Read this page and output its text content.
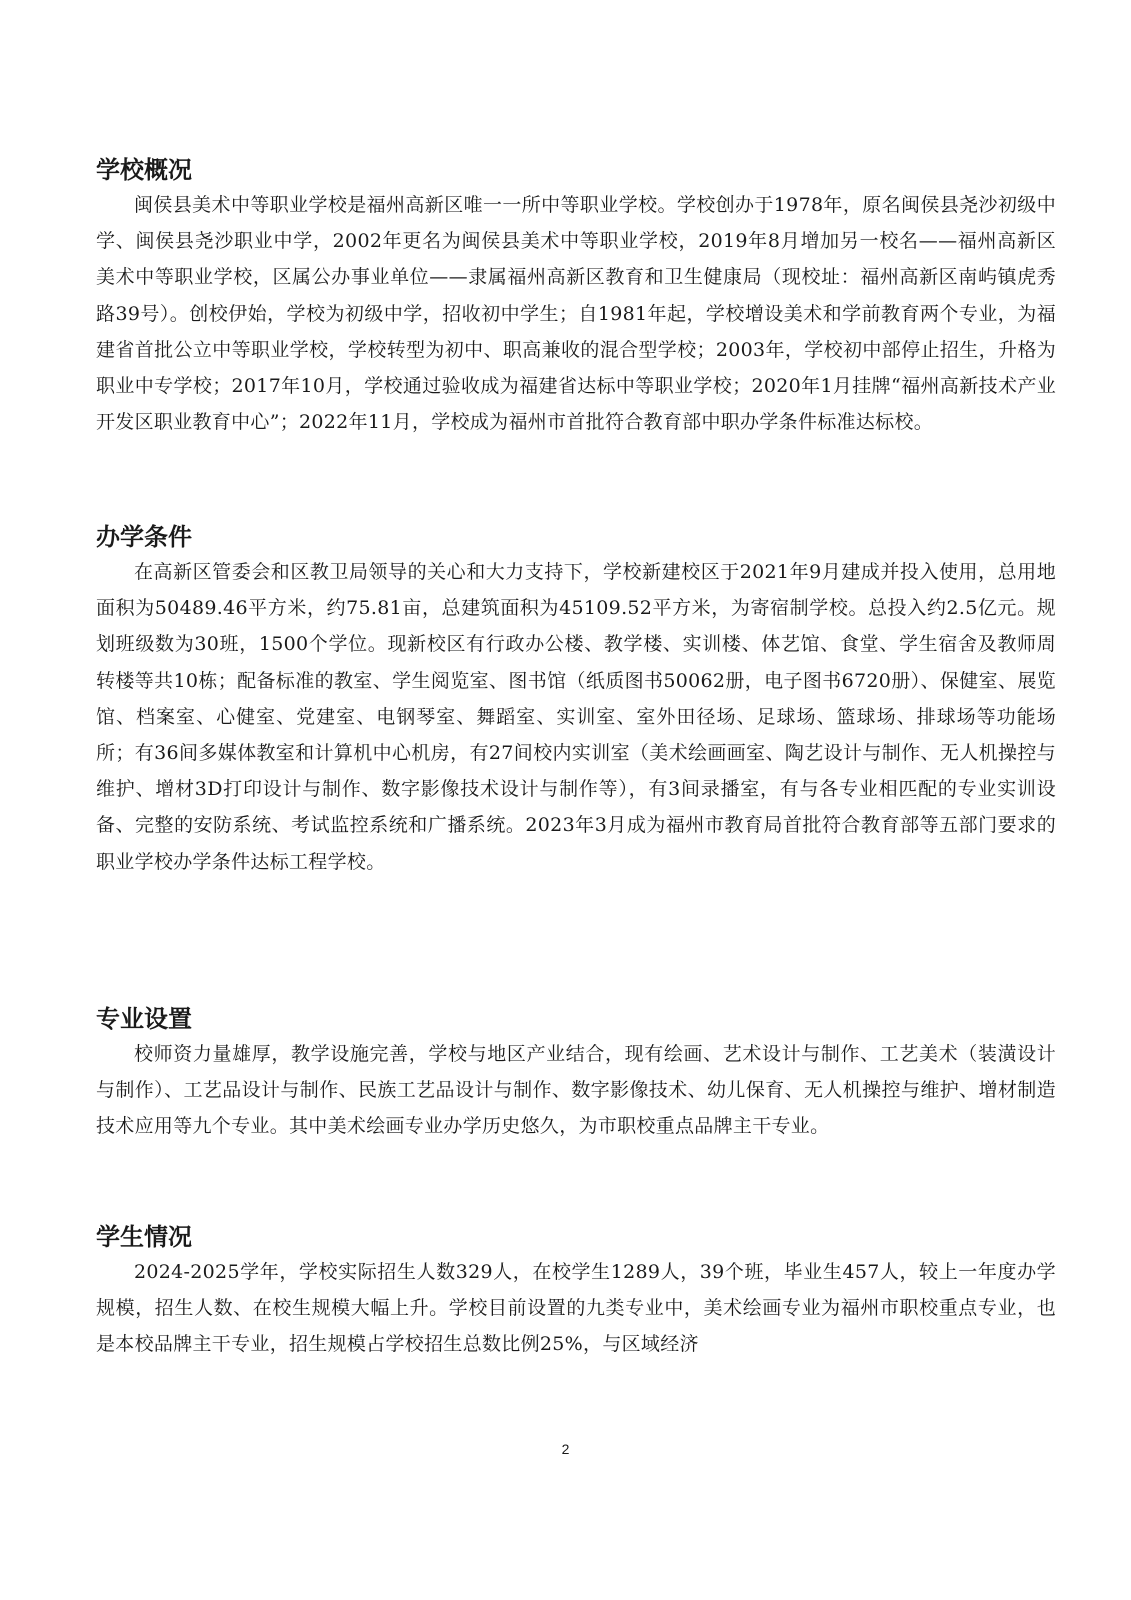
学校概况

闽侯县美术中等职业学校是福州高新区唯一一所中等职业学校。学校创办于1978年，原名闽侯县尧沙初级中学、闽侯县尧沙职业中学，2002年更名为闽侯县美术中等职业学校，2019年8月增加另一校名——福州高新区美术中等职业学校，区属公办事业单位——隶属福州高新区教育和卫生健康局（现校址：福州高新区南屿镇虎秀路39号）。创校伊始，学校为初级中学，招收初中学生；自1981年起，学校增设美术和学前教育两个专业，为福建省首批公立中等职业学校，学校转型为初中、职高兼收的混合型学校；2003年，学校初中部停止招生，升格为职业中专学校；2017年10月，学校通过验收成为福建省达标中等职业学校；2020年1月挂牌“福州高新技术产业开发区职业教育中心”；2022年11月，学校成为福州市首批符合教育部中职办学条件标准达标校。

办学条件

在高新区管委会和区教卫局领导的关心和大力支持下，学校新建校区于2021年9月建成并投入使用，总用地面积为50489.46平方米，约75.81亩，总建筑面积为45109.52平方米，为寄宿制学校。总投入约2.5亿元。规划班级数为30班，1500个学位。现新校区有行政办公楼、教学楼、实训楼、体艺馆、食堂、学生宿舍及教师周转楼等共10栋；配备标准的教室、学生阅览室、图书馆（纸质图书50062册，电子图书6720册）、保健室、展览馆、档案室、心健室、党建室、电钢琴室、舞蹈室、实训室、室外田径场、足球场、篮球场、排球场等功能场所；有36间多媒体教室和计算机中心机房，有27间校内实训室（美术绘画画室、陶艺设计与制作、无人机操控与维护、增材3D打印设计与制作、数字影像技术设计与制作等），有3间录播室，有与各专业相匹配的专业实训设备、完整的安防系统、考试监控系统和广播系统。2023年3月成为福州市教育局首批符合教育部等五部门要求的职业学校办学条件达标工程学校。

专业设置

校师资力量雄厚，教学设施完善，学校与地区产业结合，现有绘画、艺术设计与制作、工艺美术（装潢设计与制作）、工艺品设计与制作、民族工艺品设计与制作、数字影像技术、幼儿保育、无人机操控与维护、增材制造技术应用等九个专业。其中美术绘画专业办学历史悠久，为市职校重点品牌主干专业。

学生情况

2024-2025学年，学校实际招生人数329人，在校学生1289人，39个班，毕业生457人，较上一年度办学规模，招生人数、在校生规模大幅上升。学校目前设置的九类专业中，美术绘画专业为福州市职校重点专业，也是本校品牌主干专业，招生规模占学校招生总数比例25%，与区域经济

2
